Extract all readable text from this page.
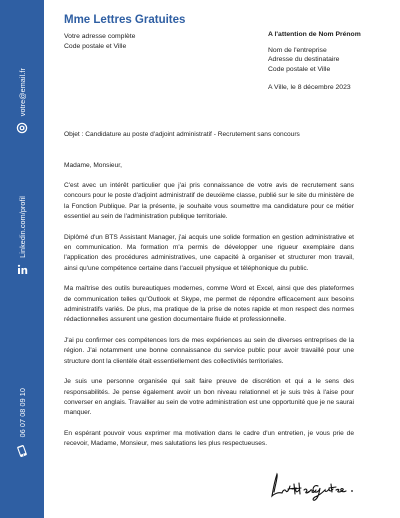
votre@email.fr
Linkedin.com/profil
06 07 08 09 10
Mme Lettres Gratuites
Votre adresse complète
Code postale et Ville
A l'attention de Nom Prénom
Nom de l'entreprise
Adresse du destinataire
Code postale et Ville
A Ville, le 8 décembre 2023
Objet : Candidature au poste d'adjoint administratif - Recrutement sans concours
Madame, Monsieur,

C'est avec un intérêt particulier que j'ai pris connaissance de votre avis de recrutement sans concours pour le poste d'adjoint administratif de deuxième classe, publié sur le site du ministère de la Fonction Publique. Par la présente, je souhaite vous soumettre ma candidature pour ce métier essentiel au sein de l'administration publique territoriale.

Diplômé d'un BTS Assistant Manager, j'ai acquis une solide formation en gestion administrative et en communication. Ma formation m'a permis de développer une rigueur exemplaire dans l'application des procédures administratives, une capacité à organiser et structurer mon travail, ainsi qu'une compétence certaine dans l'accueil physique et téléphonique du public.

Ma maîtrise des outils bureautiques modernes, comme Word et Excel, ainsi que des plateformes de communication telles qu'Outlook et Skype, me permet de répondre efficacement aux besoins administratifs variés. De plus, ma pratique de la prise de notes rapide et mon respect des normes rédactionnelles assurent une gestion documentaire fluide et professionnelle.

J'ai pu confirmer ces compétences lors de mes expériences au sein de diverses entreprises de la région. J'ai notamment une bonne connaissance du service public pour avoir travaillé pour une structure dont la clientèle était essentiellement des collectivités territoriales.

Je suis une personne organisée qui sait faire preuve de discrétion et qui a le sens des responsabilités. Je pense également avoir un bon niveau relationnel et je suis très à l'aise pour converser en anglais. Travailler au sein de votre administration est une opportunité que je ne saurai manquer.

En espérant pouvoir vous exprimer ma motivation dans le cadre d'un entretien, je vous prie de recevoir, Madame, Monsieur, mes salutations les plus respectueuses.
